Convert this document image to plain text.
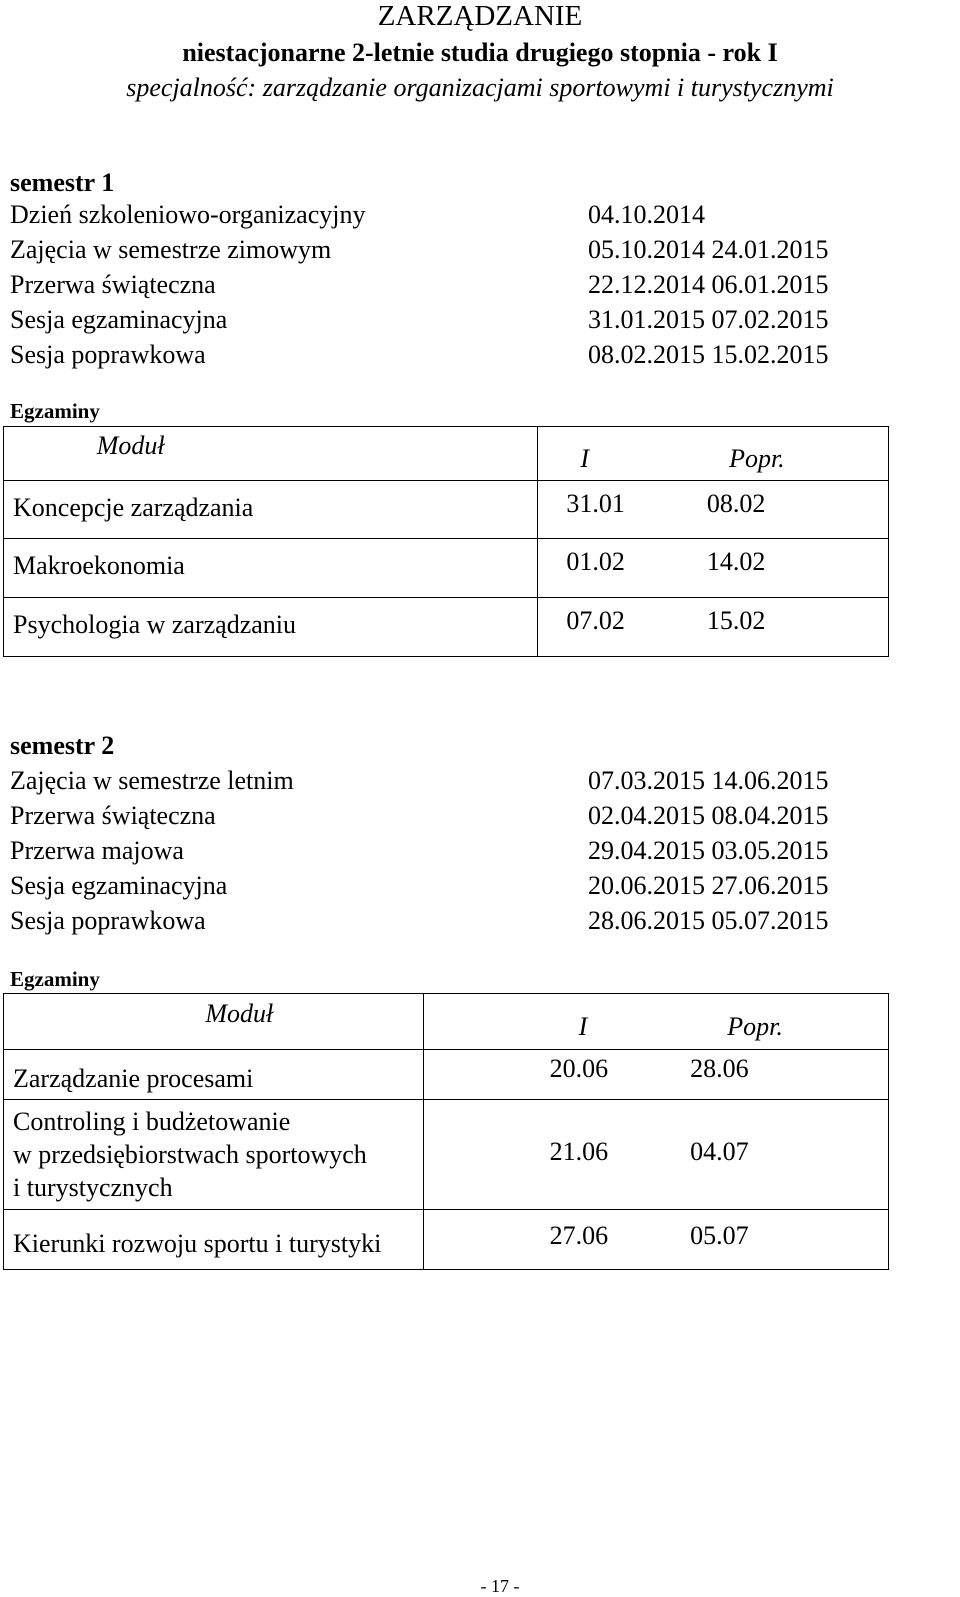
ZARZĄDZANIE
niestacjonarne 2-letnie studia drugiego stopnia - rok I
specjalność: zarządzanie organizacjami sportowymi i turystycznymi
semestr 1
Dzień szkoleniowo-organizacyjny	04.10.2014
Zajęcia w semestrze zimowym	05.10.2014 24.01.2015
Przerwa świąteczna	22.12.2014 06.01.2015
Sesja egzaminacyjna	31.01.2015 07.02.2015
Sesja poprawkowa	08.02.2015 15.02.2015
Egzaminy
Moduł	I Popr.
Koncepcje zarządzania	31.01 08.02
Makroekonomia	01.02 14.02
Psychologia w zarządzaniu	07.02 15.02
semestr 2
Zajęcia w semestrze letnim	07.03.2015 14.06.2015
Przerwa świąteczna	02.04.2015 08.04.2015
Przerwa majowa	29.04.2015 03.05.2015
Sesja egzaminacyjna	20.06.2015 27.06.2015
Sesja poprawkowa	28.06.2015 05.07.2015
Egzaminy
Moduł	I Popr.
Zarządzanie procesami	20.06 28.06

Controling i budżetowanie
w przedsiębiorstwach sportowych
i turystycznych	21.06 04.07
Kierunki rozwoju sportu i turystyki	27.06 05.07
- 17 -
